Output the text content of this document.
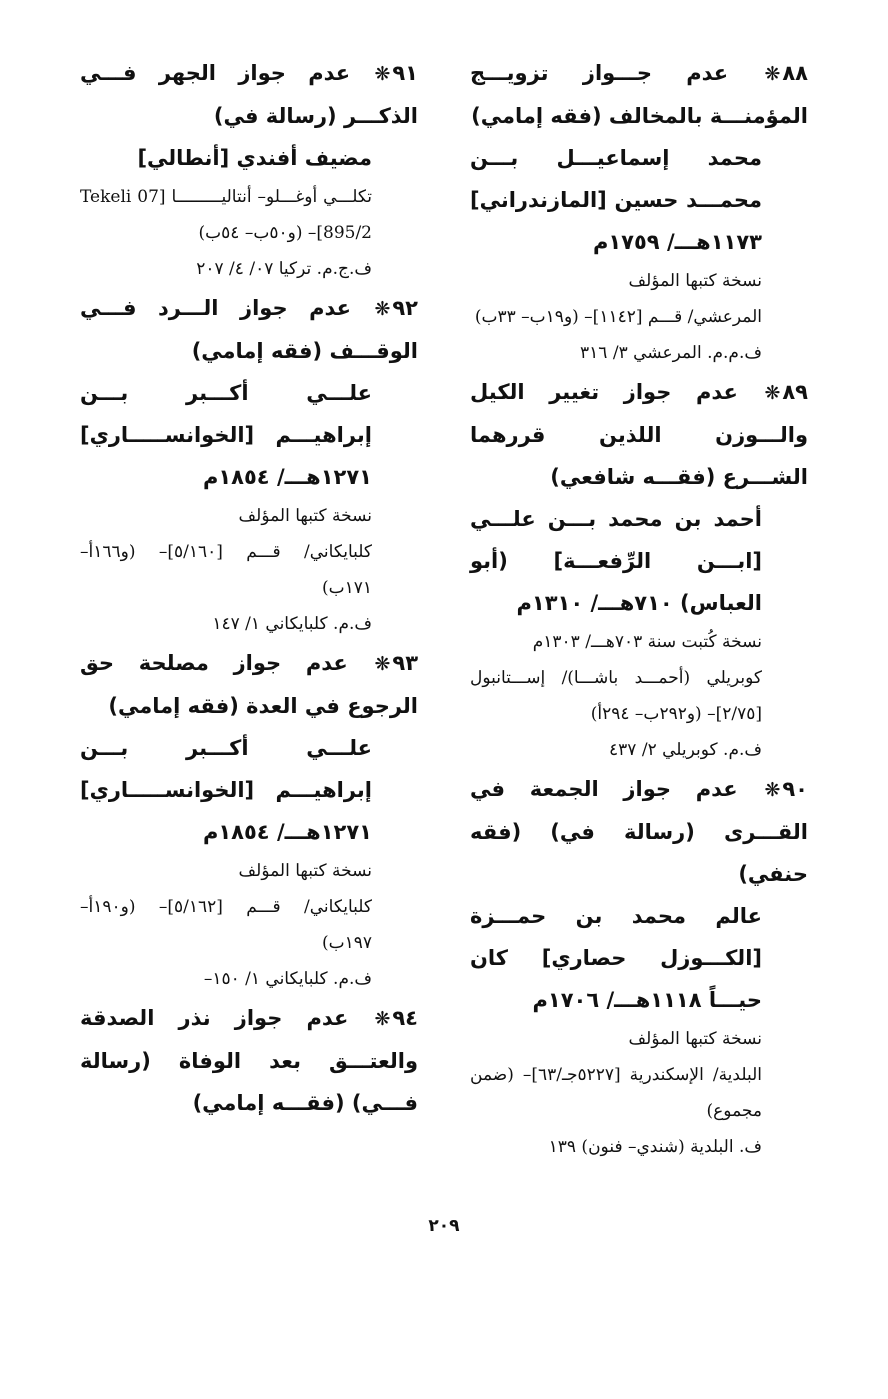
٨٨❋ عدم جـــواز تزويـــج المؤمنـــة بالمخالف (فقه إمامي)
محمد إسماعيـــل بـــن محمـــد حسين [المازندراني] ١١٧٣هـــ/ ١٧٥٩م
نسخة كتبها المؤلف
المرعشي/ قـــم [١١٤٢]– (و١٩ب– ٣٣ب)
ف.م.م. المرعشي ٣/ ٣١٦
٨٩❋ عدم جواز تغيير الكيل والـــوزن اللذين قررهما الشـــرع (فقـــه شافعي)
أحمد بن محمد بـــن علـــي [ابـــن الرِّفعـــة] (أبو العباس) ٧١٠هـــ/ ١٣١٠م
نسخة كُتبت سنة ٧٠٣هـــ/ ١٣٠٣م
كوبريلي (أحمـــد باشـــا)/ إســـتانبول [٢/٧٥]– (و٢٩٢ب– ٢٩٤أ)
ف.م. كوبريلي ٢/ ٤٣٧
٩٠❋ عدم جواز الجمعة في القـــرى (رسالة في) (فقه حنفي)
عالم محمد بن حمـــزة [الكـــوزل حصاري] كان حيـــاً ١١١٨هـــ/ ١٧٠٦م
نسخة كتبها المؤلف
البلدية/ الإسكندرية [٥٢٢٧جـ/٦٣]– (ضمن مجموع)
ف. البلدية (شندي– فنون) ١٣٩
٩١❋ عدم جواز الجهر فـــي الذكـــر (رسالة في)
مضيف أفندي [أنطالي]
تكلـــي أوغـــلو– أنتاليـــــــــا [07 Tekeli 895/2]– (و٥٠ب– ٥٤ب)
ف.ج.م. تركيا ٠٧/ ٤/ ٢٠٧
٩٢❋ عدم جواز الـــرد فـــي الوقـــف (فقه إمامي)
علـــي أكـــبر بـــن إبراهيـــم [الخوانســـــاري] ١٢٧١هـــ/ ١٨٥٤م
نسخة كتبها المؤلف
كلبايكاني/ قـــم [٥/١٦٠]– (و١٦٦أ– ١٧١ب)
ف.م. كلبايكاني ١/ ١٤٧
٩٣❋ عدم جواز مصلحة حق الرجوع في العدة (فقه إمامي)
علـــي أكـــبر بـــن إبراهيـــم [الخوانســـــاري] ١٢٧١هـــ/ ١٨٥٤م
نسخة كتبها المؤلف
كلبايكاني/ قـــم [٥/١٦٢]– (و١٩٠أ– ١٩٧ب)
ف.م. كلبايكاني ١/ ١٥٠–
٩٤❋ عدم جواز نذر الصدقة والعتـــق بعد الوفاة (رسالة فـــي) (فقـــه إمامي)
٢٠٩
